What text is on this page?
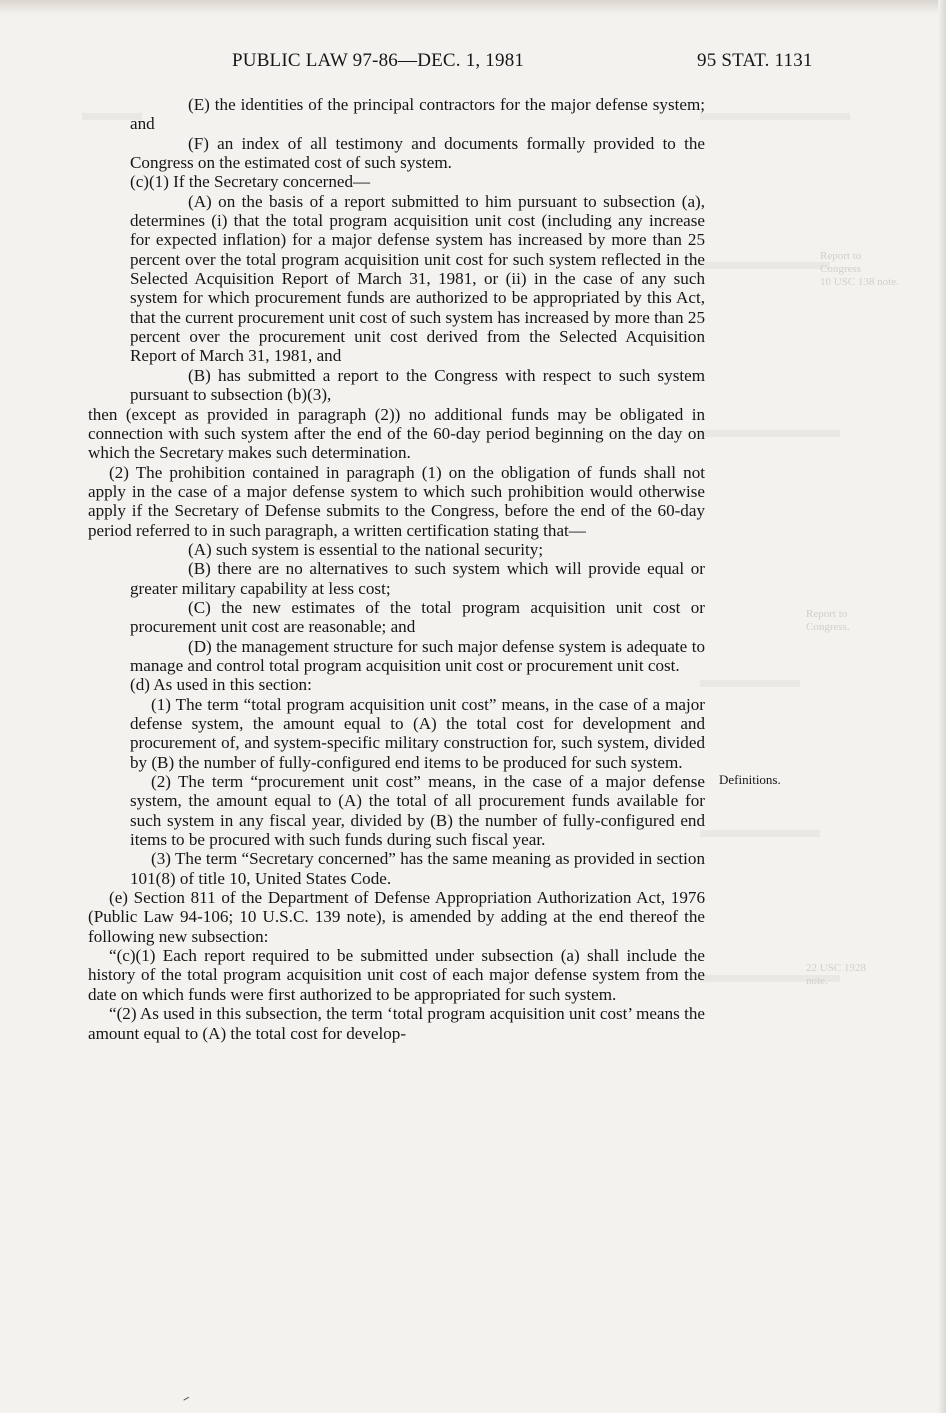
Report to
Congress
10 USC 138 note.
Report to
Congress.
22 USC 1928
note.
PUBLIC LAW 97-86—DEC. 1, 1981	95 STAT. 1131

(E) the identities of the principal contractors for the major defense system; and

(F) an index of all testimony and documents formally provided to the Congress on the estimated cost of such system.

(c)(1) If the Secretary concerned—

(A) on the basis of a report submitted to him pursuant to subsection (a), determines (i) that the total program acquisition unit cost (including any increase for expected inflation) for a major defense system has increased by more than 25 percent over the total program acquisition unit cost for such system reflected in the Selected Acquisition Report of March 31, 1981, or (ii) in the case of any such system for which procurement funds are authorized to be appropriated by this Act, that the current procurement unit cost of such system has increased by more than 25 percent over the procurement unit cost derived from the Selected Acquisition Report of March 31, 1981, and

(B) has submitted a report to the Congress with respect to such system pursuant to subsection (b)(3),

then (except as provided in paragraph (2)) no additional funds may be obligated in connection with such system after the end of the 60-day period beginning on the day on which the Secretary makes such determination.

(2) The prohibition contained in paragraph (1) on the obligation of funds shall not apply in the case of a major defense system to which such prohibition would otherwise apply if the Secretary of Defense submits to the Congress, before the end of the 60-day period referred to in such paragraph, a written certification stating that—

(A) such system is essential to the national security;

(B) there are no alternatives to such system which will provide equal or greater military capability at less cost;

(C) the new estimates of the total program acquisition unit cost or procurement unit cost are reasonable; and

(D) the management structure for such major defense system is adequate to manage and control total program acquisition unit cost or procurement unit cost.

(d) As used in this section:

(1) The term “total program acquisition unit cost” means, in the case of a major defense system, the amount equal to (A) the total cost for development and procurement of, and system-specific military construction for, such system, divided by (B) the number of fully-configured end items to be produced for such system.

(2) The term “procurement unit cost” means, in the case of a major defense system, the amount equal to (A) the total of all procurement funds available for such system in any fiscal year, divided by (B) the number of fully-configured end items to be procured with such funds during such fiscal year.

(3) The term “Secretary concerned” has the same meaning as provided in section 101(8) of title 10, United States Code.

(e) Section 811 of the Department of Defense Appropriation Authorization Act, 1976 (Public Law 94-106; 10 U.S.C. 139 note), is amended by adding at the end thereof the following new subsection:

“(c)(1) Each report required to be submitted under subsection (a) shall include the history of the total program acquisition unit cost of each major defense system from the date on which funds were first authorized to be appropriated for such system.

“(2) As used in this subsection, the term ‘total program acquisition unit cost’ means the amount equal to (A) the total cost for develop-

Definitions.
